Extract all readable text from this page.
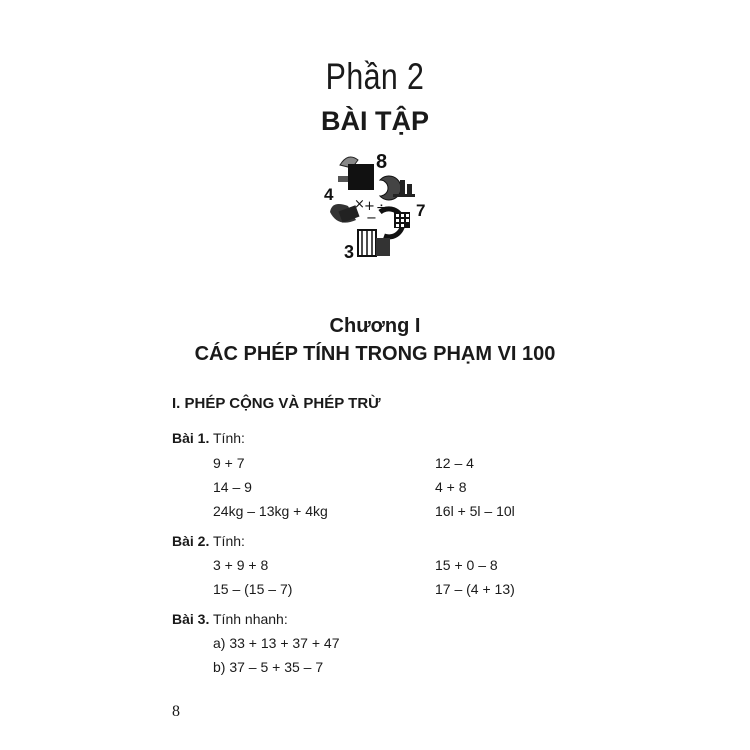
Phần 2
BÀI TẬP
8
4
7
3
× + ÷
−
Chương I
CÁC PHÉP TÍNH TRONG PHẠM VI 100
I. PHÉP CỘNG VÀ PHÉP TRỪ
Bài 1. Tính:
9 + 7	12 – 4
14 – 9	4 + 8
24kg – 13kg + 4kg	16l + 5l – 10l
Bài 2. Tính:
3 + 9 + 8	15 + 0 – 8
15 – (15 – 7)	17 – (4 + 13)
Bài 3. Tính nhanh:
a) 33 + 13 + 37 + 47
b) 37 – 5 + 35 – 7
8
